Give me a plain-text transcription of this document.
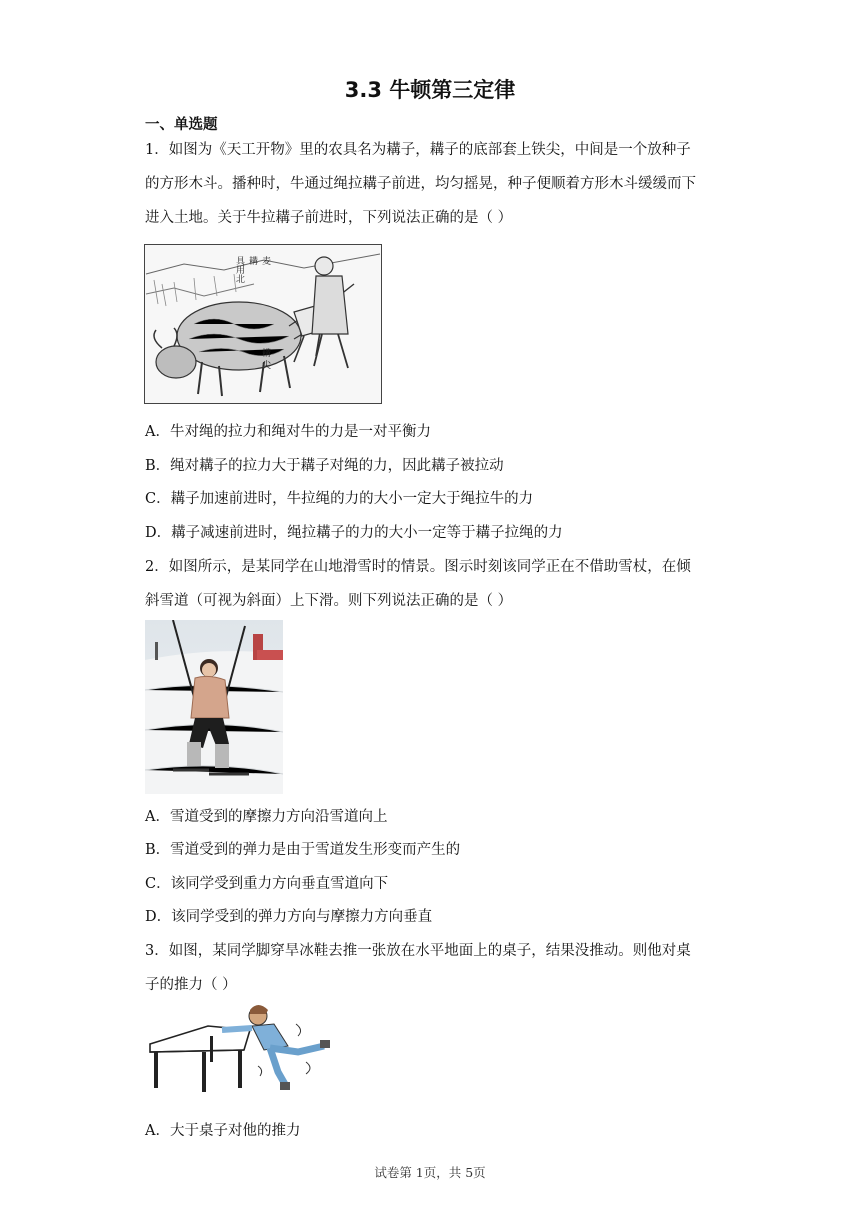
3.3 牛顿第三定律
一、单选题
1．如图为《天工开物》里的农具名为耩子，耩子的底部套上铁尖，中间是一个放种子
的方形木斗。播种时，牛通过绳拉耩子前进，均匀摇晃，种子便顺着方形木斗缓缓而下
进入土地。关于牛拉耩子前进时，下列说法正确的是（ ）
具用北 耩 麦
耩
尖
A．牛对绳的拉力和绳对牛的力是一对平衡力
B．绳对耩子的拉力大于耩子对绳的力，因此耩子被拉动
C．耩子加速前进时，牛拉绳的力的大小一定大于绳拉牛的力
D．耩子减速前进时，绳拉耩子的力的大小一定等于耩子拉绳的力
2．如图所示，是某同学在山地滑雪时的情景。图示时刻该同学正在不借助雪杖，在倾
斜雪道（可视为斜面）上下滑。则下列说法正确的是（ ）
A．雪道受到的摩擦力方向沿雪道向上
B．雪道受到的弹力是由于雪道发生形变而产生的
C．该同学受到重力方向垂直雪道向下
D．该同学受到的弹力方向与摩擦力方向垂直
3．如图，某同学脚穿旱冰鞋去推一张放在水平地面上的桌子，结果没推动。则他对桌
子的推力（ ）
A．大于桌子对他的推力
试卷第 1页，共 5页
